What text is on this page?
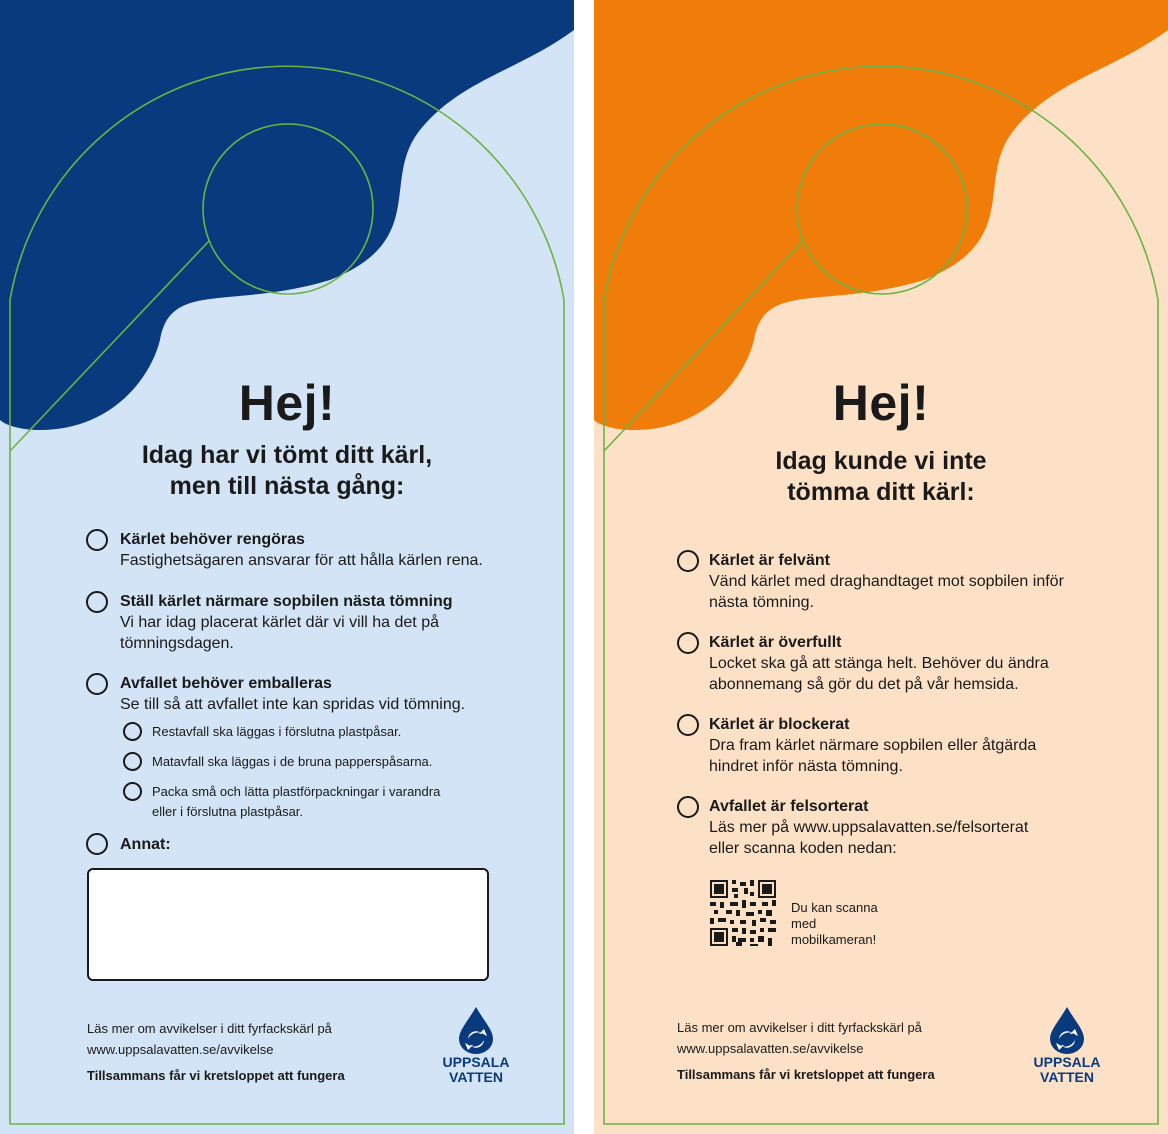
Hej!
Idag har vi tömt ditt kärl,
men till nästa gång:
Kärlet behöver rengöras
Fastighetsägaren ansvarar för att hålla kärlen rena.
Ställ kärlet närmare sopbilen nästa tömning
Vi har idag placerat kärlet där vi vill ha det på tömningsdagen.
Avfallet behöver emballeras
Se till så att avfallet inte kan spridas vid tömning.
Restavfall ska läggas i förslutna plastpåsar.
Matavfall ska läggas i de bruna papperspåsarna.
Packa små och lätta plastförpackningar i varandra eller i förslutna plastpåsar.
Annat:
Läs mer om avvikelser i ditt fyrfackskärl på
www.uppsalavatten.se/avvikelse
Tillsammans får vi kretsloppet att fungera
UPPSALA
VATTEN
Hej!
Idag kunde vi inte
tömma ditt kärl:
Kärlet är felvänt
Vänd kärlet med draghandtaget mot sopbilen inför nästa tömning.
Kärlet är överfullt
Locket ska gå att stänga helt. Behöver du ändra abonnemang så gör du det på vår hemsida.
Kärlet är blockerat
Dra fram kärlet närmare sopbilen eller åtgärda hindret inför nästa tömning.
Avfallet är felsorterat
Läs mer på www.uppsalavatten.se/felsorterat eller scanna koden nedan:
Du kan scanna med mobilkameran!
Läs mer om avvikelser i ditt fyrfackskärl på
www.uppsalavatten.se/avvikelse
Tillsammans får vi kretsloppet att fungera
UPPSALA
VATTEN
